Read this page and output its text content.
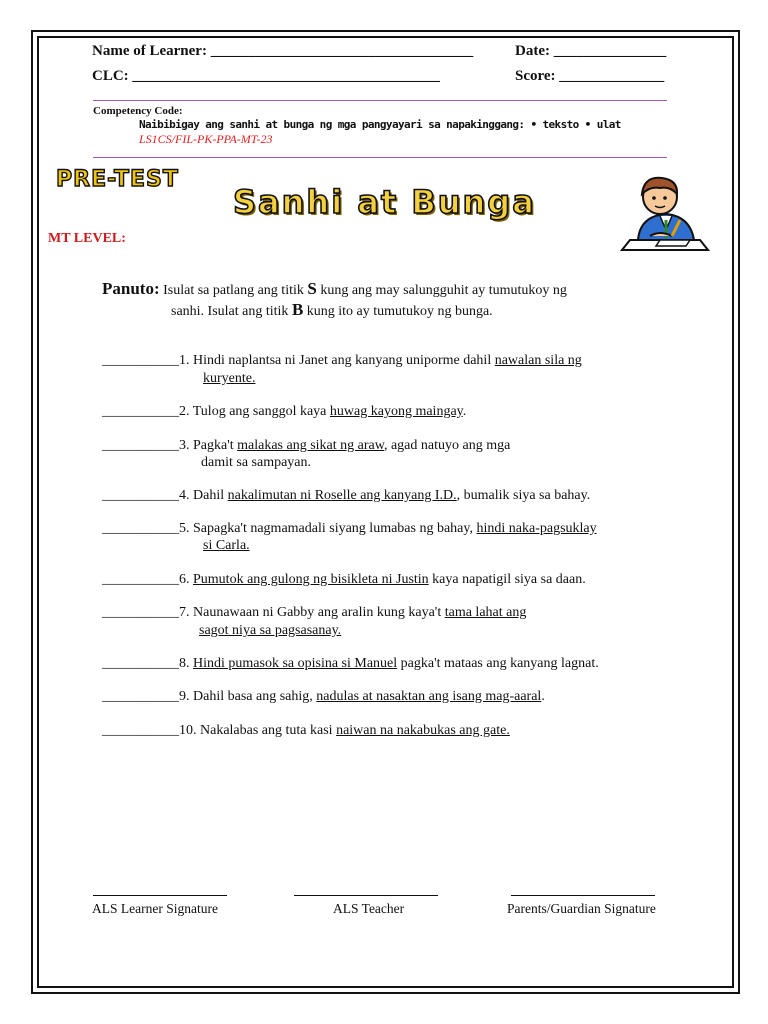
Name of Learner: ___________________________________	Date: _______________
CLC: _________________________________________	Score: ______________
Competency Code:
Naibibigay ang sanhi at bunga ng mga pangyayari sa napakinggang: • teksto • ulat
LS1CS/FIL-PK-PPA-MT-23
PRE-TEST
Sanhi at Bunga
MT LEVEL:
Panuto: Isulat sa patlang ang titik S kung ang may salungguhit ay tumutukoy ng
sanhi. Isulat ang titik B kung ito ay tumutukoy ng bunga.
___________1. Hindi naplantsa ni Janet ang kanyang uniporme dahil nawalan sila ng
kuryente.
___________2. Tulog ang sanggol kaya huwag kayong maingay.
___________3. Pagka't malakas ang sikat ng araw, agad natuyo ang mga
damit sa sampayan.
___________4. Dahil nakalimutan ni Roselle ang kanyang I.D., bumalik siya sa bahay.
___________5. Sapagka't nagmamadali siyang lumabas ng bahay, hindi naka-pagsuklay
si Carla.
___________6. Pumutok ang gulong ng bisikleta ni Justin kaya napatigil siya sa daan.
___________7. Naunawaan ni Gabby ang aralin kung kaya't tama lahat ang
sagot niya sa pagsasanay.
___________8. Hindi pumasok sa opisina si Manuel pagka't mataas ang kanyang lagnat.
___________9. Dahil basa ang sahig, nadulas at nasaktan ang isang mag-aaral.
___________10. Nakalabas ang tuta kasi naiwan na nakabukas ang gate.
ALS Learner Signature	ALS Teacher	Parents/Guardian Signature
